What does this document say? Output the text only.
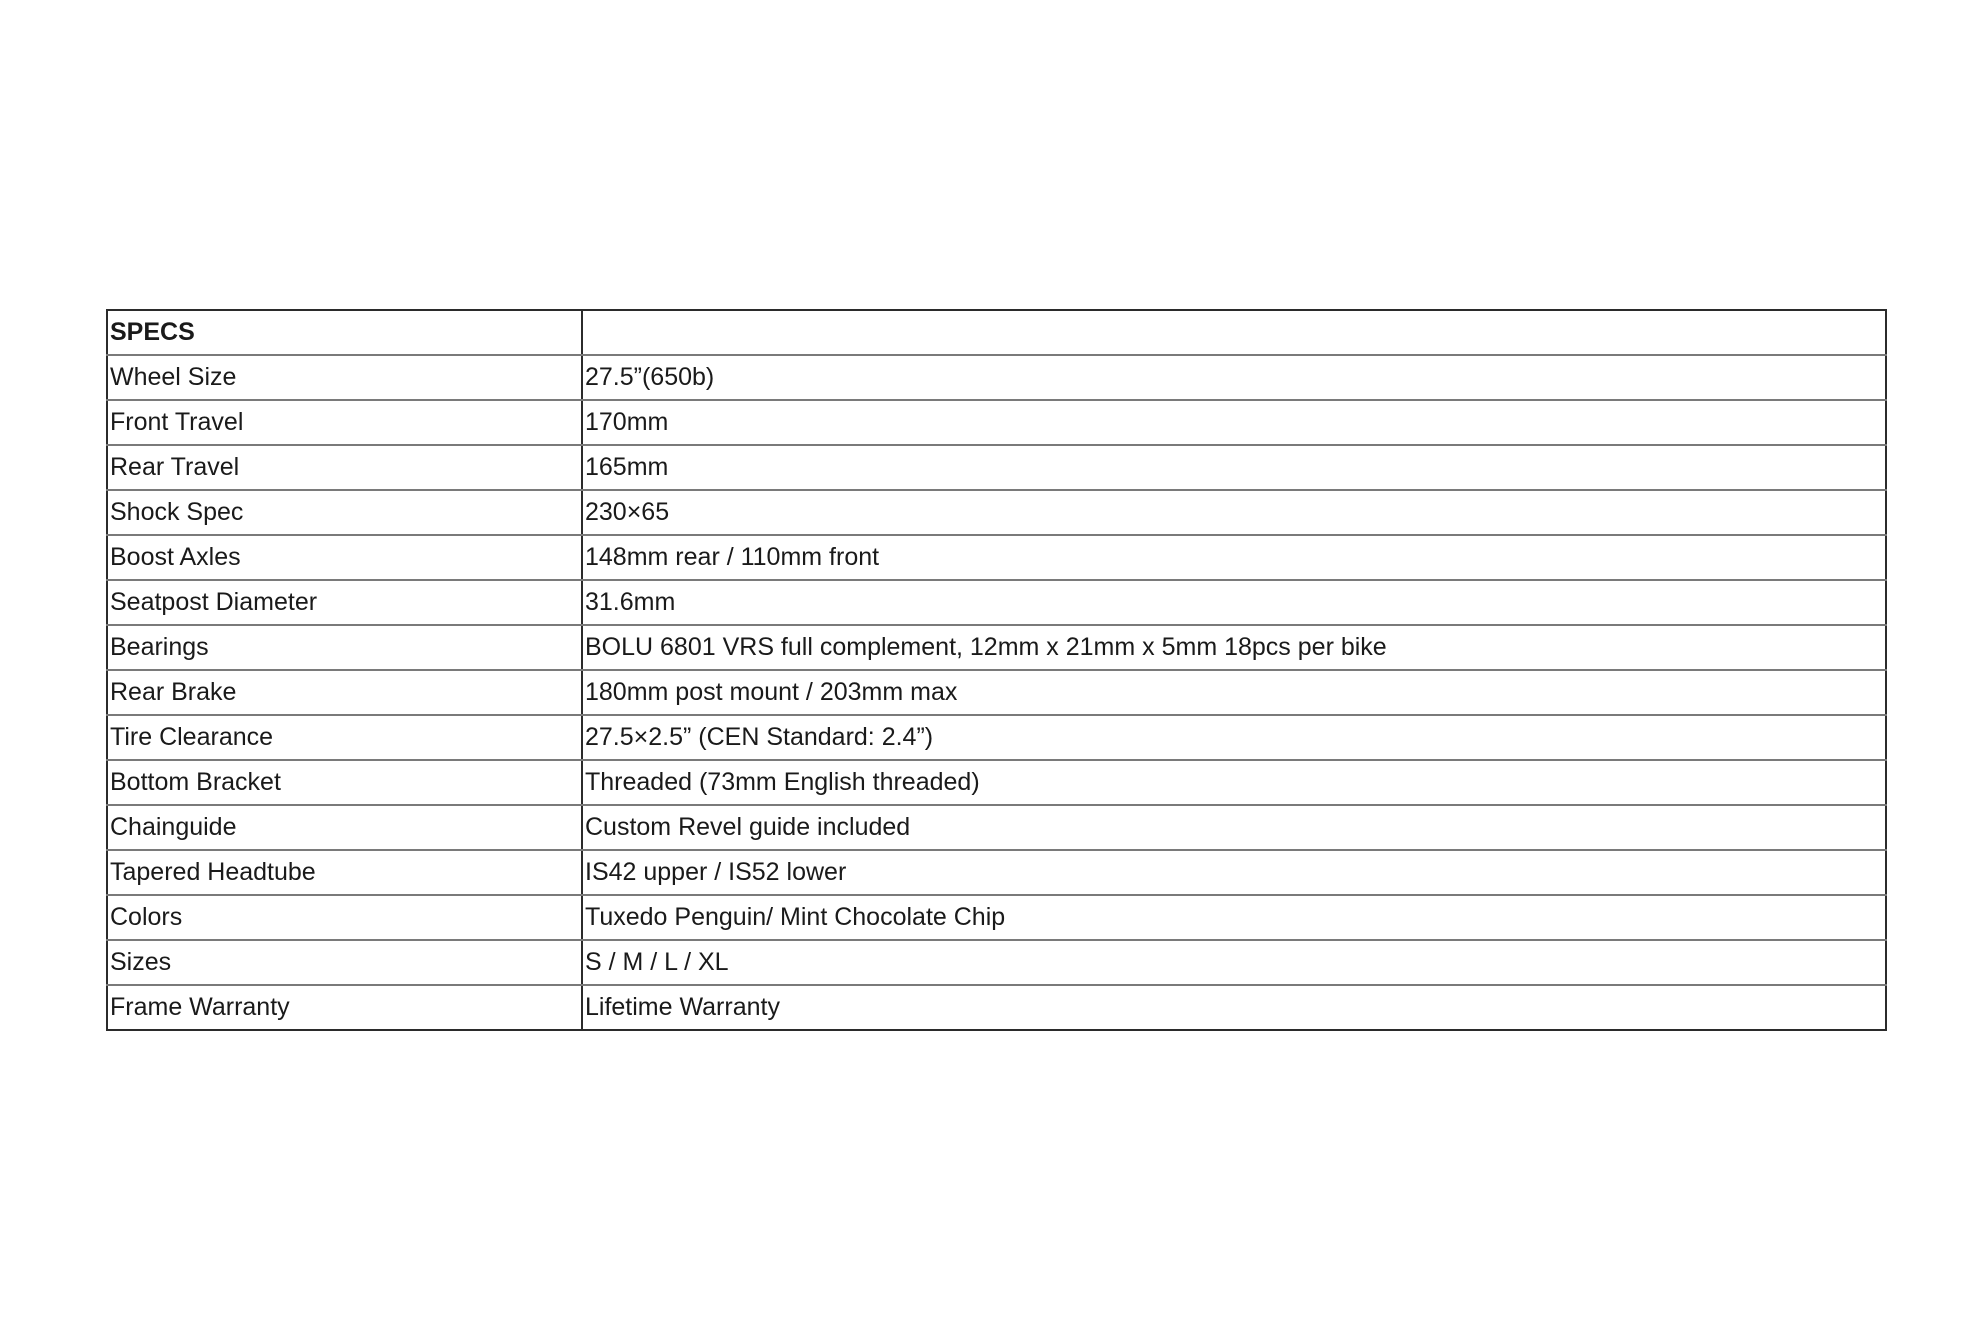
SPECS	
Wheel Size	27.5”(650b)
Front Travel	170mm
Rear Travel	165mm
Shock Spec	230×65
Boost Axles	148mm rear / 110mm front
Seatpost Diameter	31.6mm
Bearings	BOLU 6801 VRS full complement, 12mm x 21mm x 5mm 18pcs per bike
Rear Brake	180mm post mount / 203mm max
Tire Clearance	27.5×2.5” (CEN Standard: 2.4”)
Bottom Bracket	Threaded (73mm English threaded)
Chainguide	Custom Revel guide included
Tapered Headtube	IS42 upper / IS52 lower
Colors	Tuxedo Penguin/ Mint Chocolate Chip
Sizes	S / M / L / XL
Frame Warranty	Lifetime Warranty
